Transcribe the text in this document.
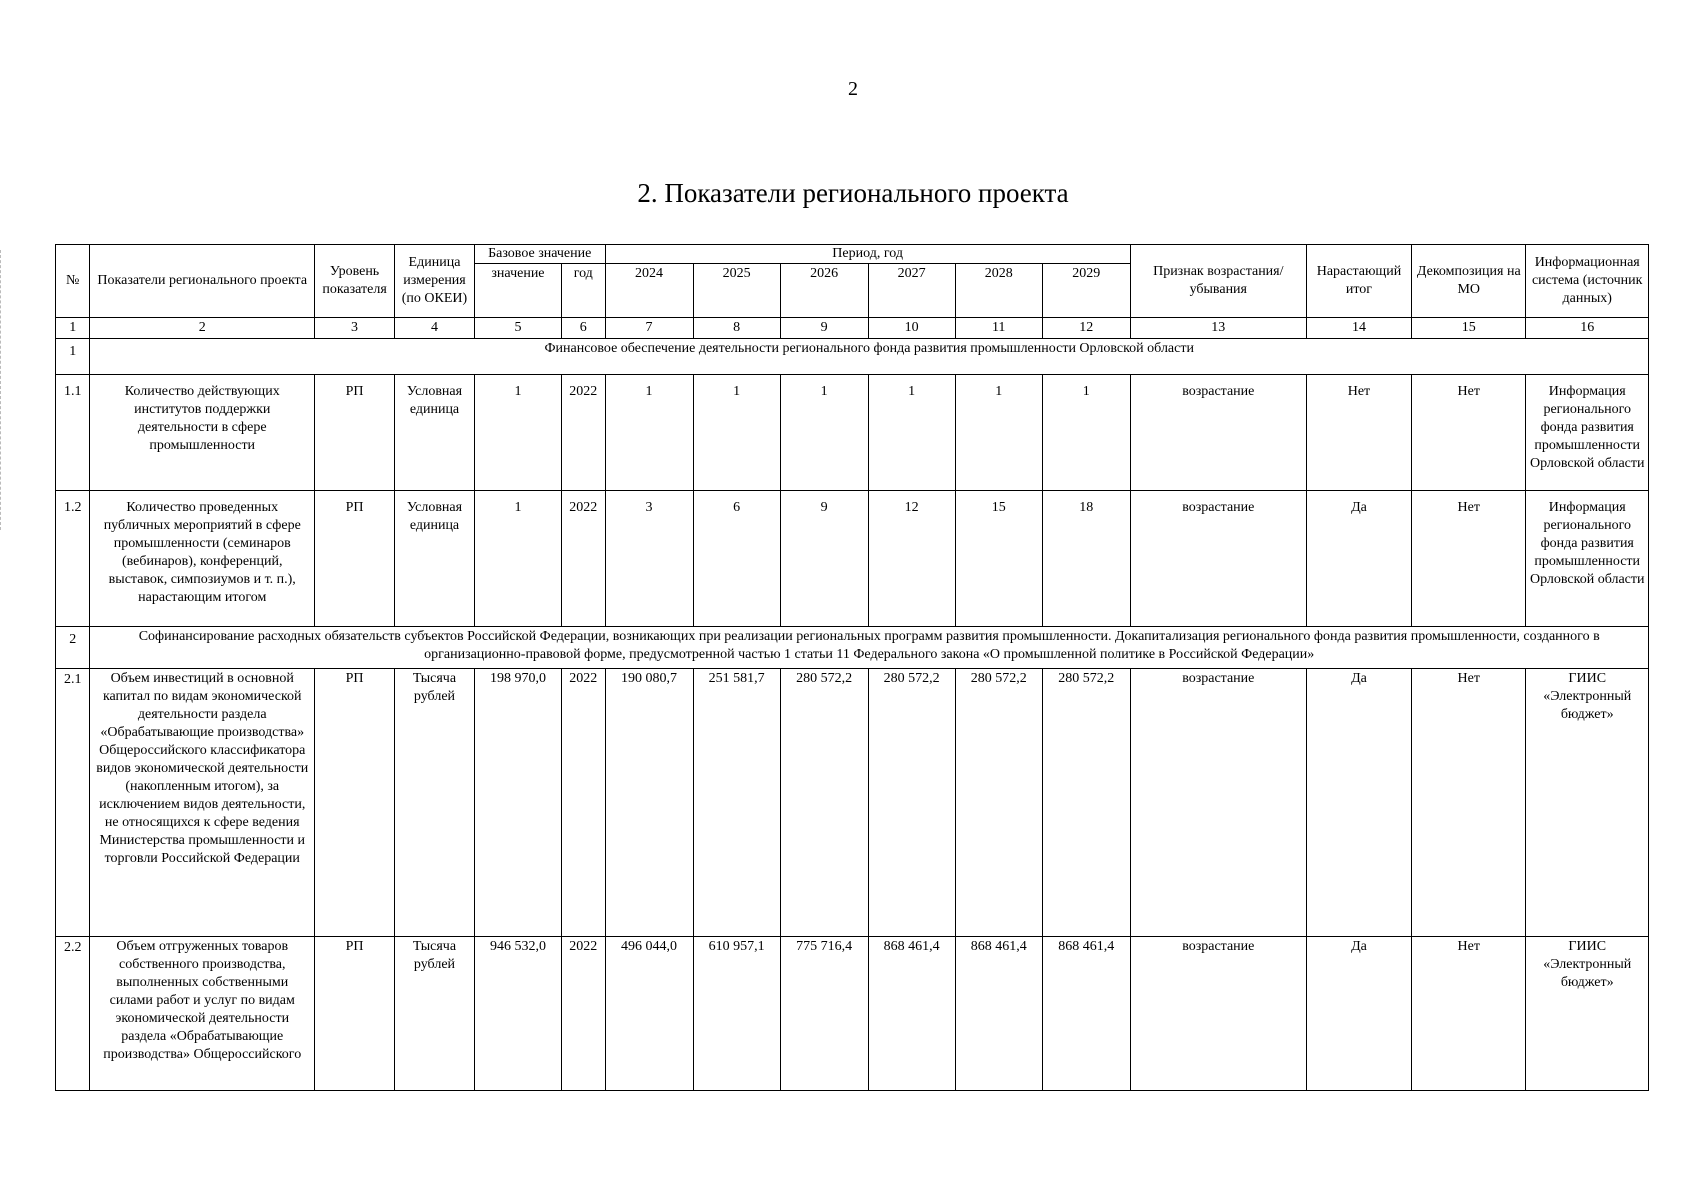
2
2. Показатели регионального проекта
№	Показатели регионального проекта	Уровень показателя	Единица измерения (по ОКЕИ)	Базовое значение		Период, год						Признак возрастания/убывания	Нарастающий итог	Декомпозиция на МО	Информационная система (источник данных)
				значение	год	2024	2025	2026	2027	2028	2029				
1	2	3	4	5	6	7	8	9	10	11	12	13	14	15	16
1	Финансовое обеспечение деятельности регионального фонда развития промышленности Орловской области														
1.1	Количество действующих институтов поддержки деятельности в сфере промышленности	РП	Условная единица	1	2022	1	1	1	1	1	1	возрастание	Нет	Нет	Информация регионального фонда развития промышленности Орловской области
1.2	Количество проведенных публичных мероприятий в сфере промышленности (семинаров (вебинаров), конференций, выставок, симпозиумов и т. п.), нарастающим итогом	РП	Условная единица	1	2022	3	6	9	12	15	18	возрастание	Да	Нет	Информация регионального фонда развития промышленности Орловской области
2	Софинансирование расходных обязательств субъектов Российской Федерации, возникающих при реализации региональных программ развития промышленности. Докапитализация регионального фонда развития промышленности, созданного в организационно-правовой форме, предусмотренной частью 1 статьи 11 Федерального закона «О промышленной политике в Российской Федерации»														
2.1	Объем инвестиций в основной капитал по видам экономической деятельности раздела «Обрабатывающие производства» Общероссийского классификатора видов экономической деятельности (накопленным итогом), за исключением видов деятельности, не относящихся к сфере ведения Министерства промышленности и торговли Российской Федерации	РП	Тысяча рублей	198 970,0	2022	190 080,7	251 581,7	280 572,2	280 572,2	280 572,2	280 572,2	возрастание	Да	Нет	ГИИС «Электронный бюджет»
2.2	Объем отгруженных товаров собственного производства, выполненных собственными силами работ и услуг по видам экономической деятельности раздела «Обрабатывающие производства» Общероссийского	РП	Тысяча рублей	946 532,0	2022	496 044,0	610 957,1	775 716,4	868 461,4	868 461,4	868 461,4	возрастание	Да	Нет	ГИИС «Электронный бюджет»
